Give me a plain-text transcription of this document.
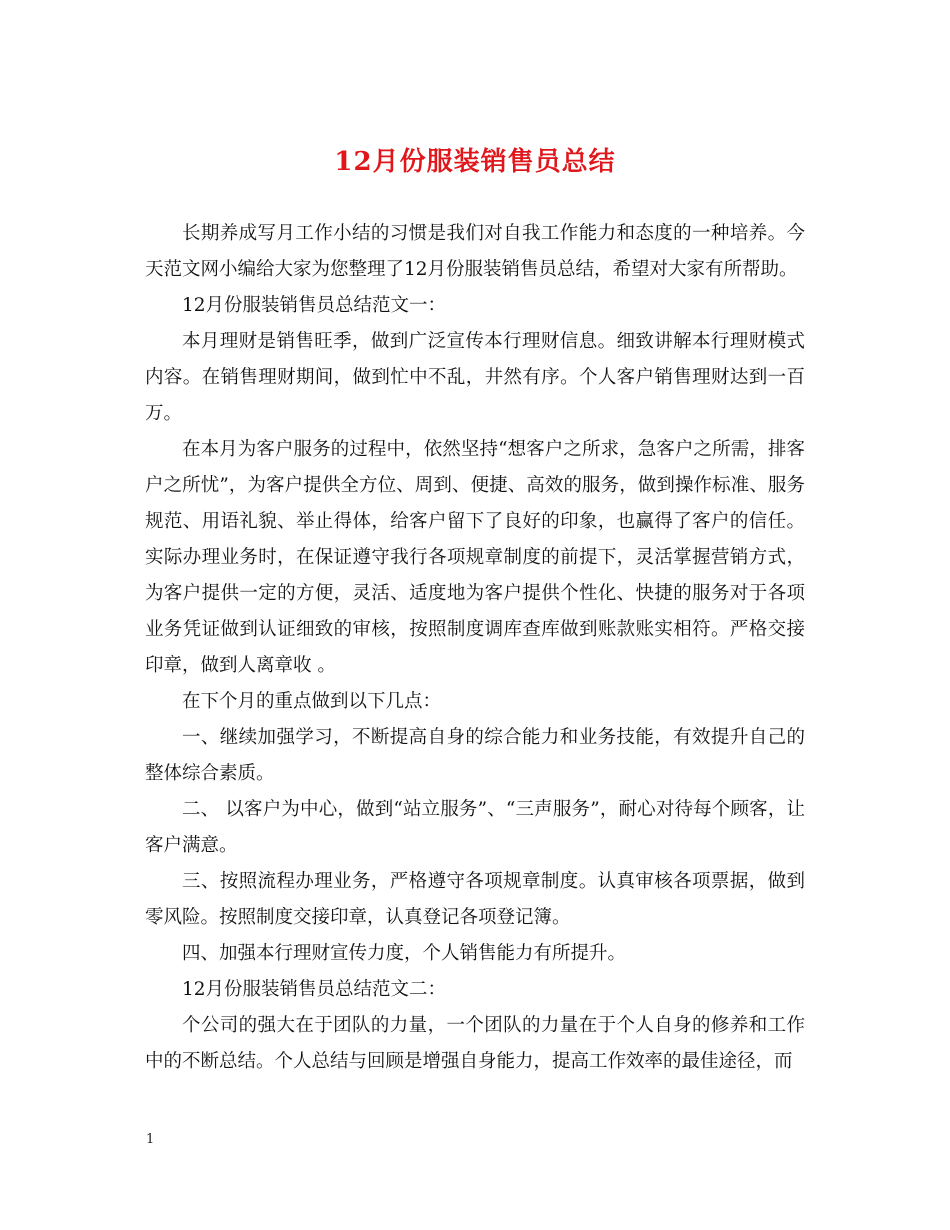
12月份服装销售员总结

长期养成写月工作小结的习惯是我们对自我工作能力和态度的一种培养。今天范文网小编给大家为您整理了12月份服装销售员总结，希望对大家有所帮助。

12月份服装销售员总结范文一：

本月理财是销售旺季，做到广泛宣传本行理财信息。细致讲解本行理财模式内容。在销售理财期间，做到忙中不乱，井然有序。个人客户销售理财达到一百万。

在本月为客户服务的过程中，依然坚持“想客户之所求，急客户之所需，排客户之所忧”，为客户提供全方位、周到、便捷、高效的服务，做到操作标准、服务规范、用语礼貌、举止得体，给客户留下了良好的印象，也赢得了客户的信任。实际办理业务时，在保证遵守我行各项规章制度的前提下，灵活掌握营销方式，为客户提供一定的方便，灵活、适度地为客户提供个性化、快捷的服务对于各项业务凭证做到认证细致的审核，按照制度调库查库做到账款账实相符。严格交接印章，做到人离章收 。

在下个月的重点做到以下几点：

一、继续加强学习，不断提高自身的综合能力和业务技能，有效提升自己的整体综合素质。

二、 以客户为中心，做到“站立服务”、“三声服务”，耐心对待每个顾客，让客户满意。

三、按照流程办理业务，严格遵守各项规章制度。认真审核各项票据，做到零风险。按照制度交接印章，认真登记各项登记簿。

四、加强本行理财宣传力度，个人销售能力有所提升。

12月份服装销售员总结范文二：

个公司的强大在于团队的力量，一个团队的力量在于个人自身的修养和工作中的不断总结。个人总结与回顾是增强自身能力，提高工作效率的最佳途径，而

1
